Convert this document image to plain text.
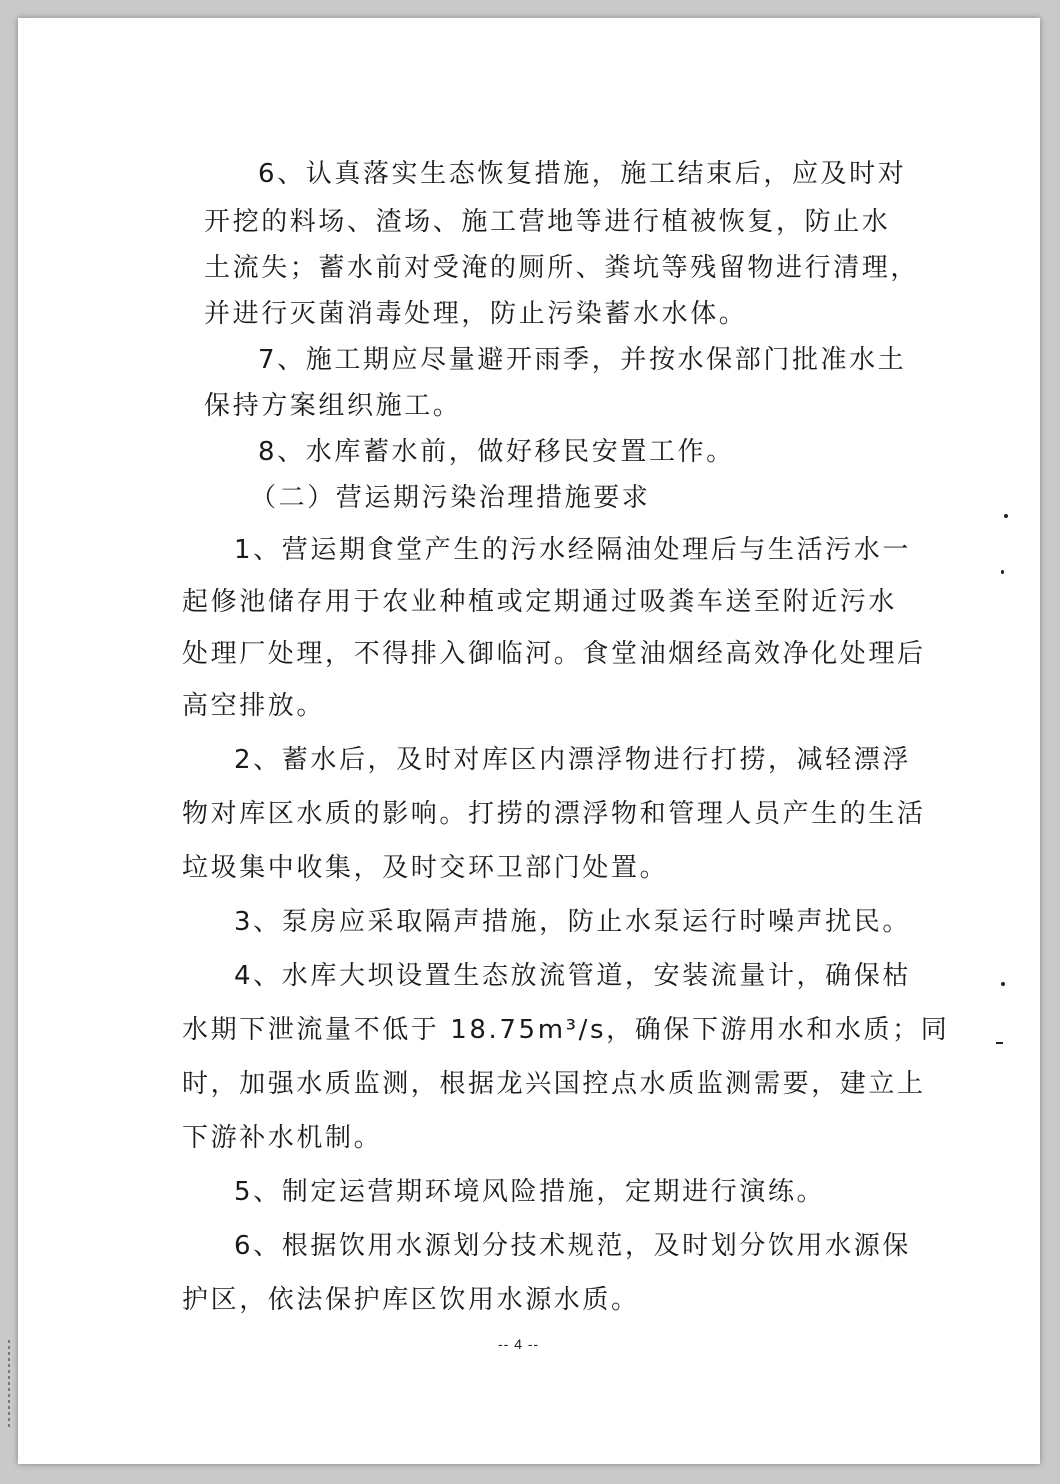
6、认真落实生态恢复措施，施工结束后，应及时对
开挖的料场、渣场、施工营地等进行植被恢复，防止水
土流失；蓄水前对受淹的厕所、粪坑等残留物进行清理，
并进行灭菌消毒处理，防止污染蓄水水体。
7、施工期应尽量避开雨季，并按水保部门批准水土
保持方案组织施工。
8、水库蓄水前，做好移民安置工作。
（二）营运期污染治理措施要求
1、营运期食堂产生的污水经隔油处理后与生活污水一
起修池储存用于农业种植或定期通过吸粪车送至附近污水
处理厂处理，不得排入御临河。食堂油烟经高效净化处理后
高空排放。
2、蓄水后，及时对库区内漂浮物进行打捞，减轻漂浮
物对库区水质的影响。打捞的漂浮物和管理人员产生的生活
垃圾集中收集，及时交环卫部门处置。
3、泵房应采取隔声措施，防止水泵运行时噪声扰民。
4、水库大坝设置生态放流管道，安装流量计，确保枯
水期下泄流量不低于 18.75m³/s，确保下游用水和水质；同
时，加强水质监测，根据龙兴国控点水质监测需要，建立上
下游补水机制。
5、制定运营期环境风险措施，定期进行演练。
6、根据饮用水源划分技术规范，及时划分饮用水源保
护区，依法保护库区饮用水源水质。
-- 4 --
